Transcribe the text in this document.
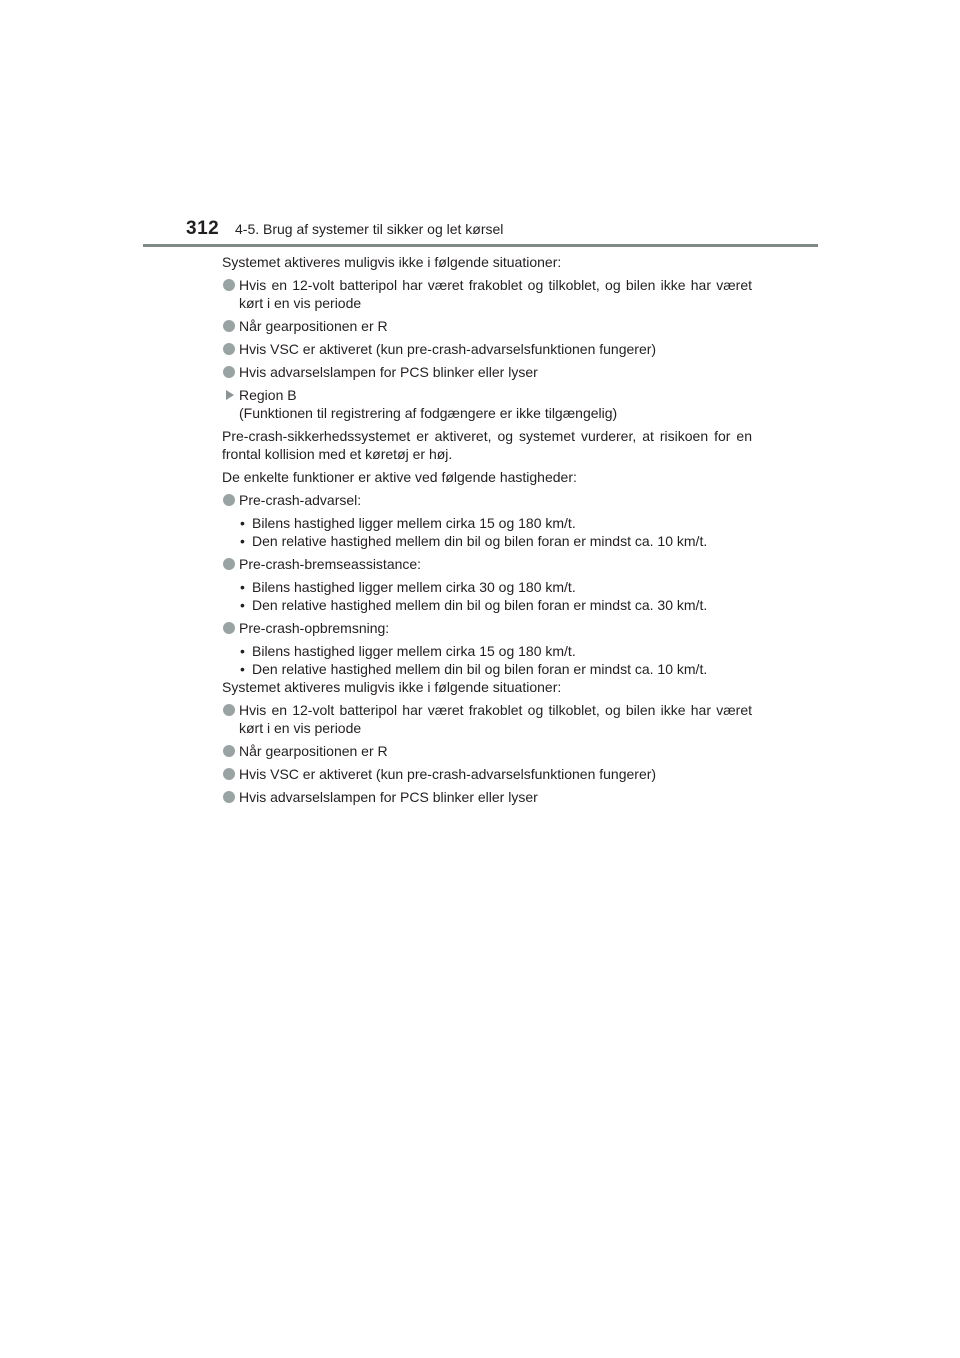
312 4-5. Brug af systemer til sikker og let kørsel

Systemet aktiveres muligvis ikke i følgende situationer:

Hvis en 12-volt batteripol har været frakoblet og tilkoblet, og bilen ikke har været kørt i en vis periode
Når gearpositionen er R
Hvis VSC er aktiveret (kun pre-crash-advarselsfunktionen fungerer)
Hvis advarselslampen for PCS blinker eller lyser
Region B
(Funktionen til registrering af fodgængere er ikke tilgængelig)

Pre-crash-sikkerhedssystemet er aktiveret, og systemet vurderer, at risikoen for en frontal kollision med et køretøj er høj.

De enkelte funktioner er aktive ved følgende hastigheder:

Pre-crash-advarsel:
• Bilens hastighed ligger mellem cirka 15 og 180 km/t.
• Den relative hastighed mellem din bil og bilen foran er mindst ca. 10 km/t.
Pre-crash-bremseassistance:
• Bilens hastighed ligger mellem cirka 30 og 180 km/t.
• Den relative hastighed mellem din bil og bilen foran er mindst ca. 30 km/t.
Pre-crash-opbremsning:
• Bilens hastighed ligger mellem cirka 15 og 180 km/t.
• Den relative hastighed mellem din bil og bilen foran er mindst ca. 10 km/t.

Systemet aktiveres muligvis ikke i følgende situationer:

Hvis en 12-volt batteripol har været frakoblet og tilkoblet, og bilen ikke har været kørt i en vis periode
Når gearpositionen er R
Hvis VSC er aktiveret (kun pre-crash-advarselsfunktionen fungerer)
Hvis advarselslampen for PCS blinker eller lyser
